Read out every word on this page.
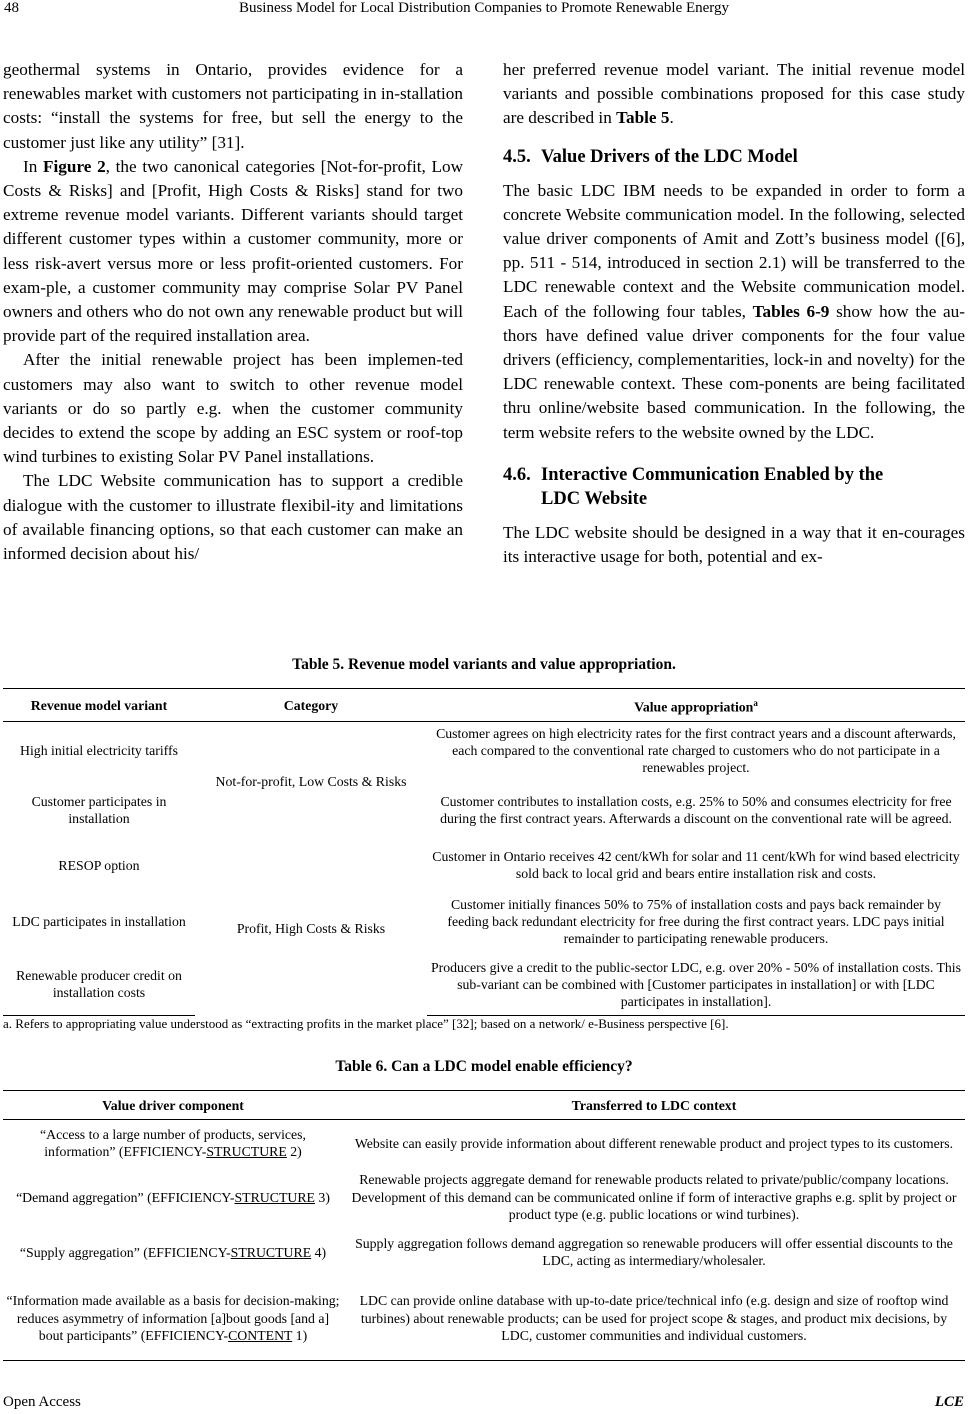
48	Business Model for Local Distribution Companies to Promote Renewable Energy

geothermal systems in Ontario, provides evidence for a renewables market with customers not participating in in-stallation costs: “install the systems for free, but sell the energy to the customer just like any utility” [31].

In Figure 2, the two canonical categories [Not-for-profit, Low Costs & Risks] and [Profit, High Costs & Risks] stand for two extreme revenue model variants. Different variants should target different customer types within a customer community, more or less risk-avert versus more or less profit-oriented customers. For exam-ple, a customer community may comprise Solar PV Panel owners and others who do not own any renewable product but will provide part of the required installation area.

After the initial renewable project has been implemen-ted customers may also want to switch to other revenue model variants or do so partly e.g. when the customer community decides to extend the scope by adding an ESC system or roof-top wind turbines to existing Solar PV Panel installations.

The LDC Website communication has to support a credible dialogue with the customer to illustrate flexibil-ity and limitations of available financing options, so that each customer can make an informed decision about his/

her preferred revenue model variant. The initial revenue model variants and possible combinations proposed for this case study are described in Table 5.

4.5. Value Drivers of the LDC Model

The basic LDC IBM needs to be expanded in order to form a concrete Website communication model. In the following, selected value driver components of Amit and Zott’s business model ([6], pp. 511 - 514, introduced in section 2.1) will be transferred to the LDC renewable context and the Website communication model. Each of the following four tables, Tables 6-9 show how the au-thors have defined value driver components for the four value drivers (efficiency, complementarities, lock-in and novelty) for the LDC renewable context. These com-ponents are being facilitated thru online/website based communication. In the following, the term website refers to the website owned by the LDC.

4.6. Interactive Communication Enabled by the
LDC Website

The LDC website should be designed in a way that it en-courages its interactive usage for both, potential and ex-

Table 5. Revenue model variants and value appropriation.
Revenue model variant	Category	Value appropriation$^a$
High initial electricity tariffs	Not-for-profit, Low Costs & Risks	Customer agrees on high electricity rates for the first contract years and a discount afterwards, each compared to the conventional rate charged to customers who do not participate in a renewables project.
Customer participates in installation		Customer contributes to installation costs, e.g. 25% to 50% and consumes electricity for free during the first contract years. Afterwards a discount on the conventional rate will be agreed.
RESOP option	Profit, High Costs & Risks	Customer in Ontario receives 42 cent/kWh for solar and 11 cent/kWh for wind based electricity sold back to local grid and bears entire installation risk and costs.
LDC participates in installation		Customer initially finances 50% to 75% of installation costs and pays back remainder by feeding back redundant electricity for free during the first contract years. LDC pays initial remainder to participating renewable producers.
Renewable producer credit on installation costs		Producers give a credit to the public-sector LDC, e.g. over 20% - 50% of installation costs. This sub-variant can be combined with [Customer participates in installation] or with [LDC participates in installation].
a. Refers to appropriating value understood as “extracting profits in the market place” [32]; based on a network/ e-Business perspective [6].
Table 6. Can a LDC model enable efficiency?
Value driver component	Transferred to LDC context
“Access to a large number of products, services, information” (EFFICIENCY-STRUCTURE 2)	Website can easily provide information about different renewable product and project types to its customers.
“Demand aggregation” (EFFICIENCY-STRUCTURE 3)	Renewable projects aggregate demand for renewable products related to private/public/company locations. Development of this demand can be communicated online if form of interactive graphs e.g. split by project or product type (e.g. public locations or wind turbines).
“Supply aggregation” (EFFICIENCY-STRUCTURE 4)	Supply aggregation follows demand aggregation so renewable producers will offer essential discounts to the LDC, acting as intermediary/wholesaler.
“Information made available as a basis for decision-making; reduces asymmetry of information [a]bout goods [and a] bout participants” (EFFICIENCY-CONTENT 1)	LDC can provide online database with up-to-date price/technical info (e.g. design and size of rooftop wind turbines) about renewable products; can be used for project scope & stages, and product mix decisions, by LDC, customer communities and individual customers.
Open Access	LCE
